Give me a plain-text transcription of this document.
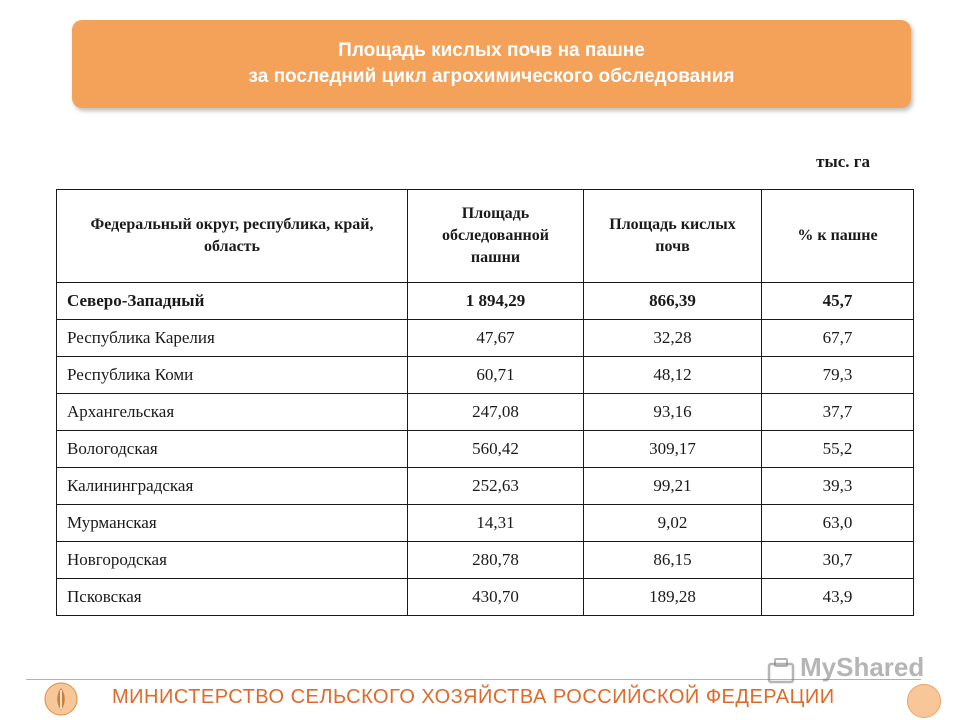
Площадь кислых почв на пашне
за последний цикл агрохимического обследования
тыс. га
Федеральный округ, республика, край, область	Площадь обследованной пашни	Площадь кислых почв	% к пашне
Северо-Западный	1 894,29	866,39	45,7
Республика Карелия	47,67	32,28	67,7
Республика Коми	60,71	48,12	79,3
Архангельская	247,08	93,16	37,7
Вологодская	560,42	309,17	55,2
Калининградская	252,63	99,21	39,3
Мурманская	14,31	9,02	63,0
Новгородская	280,78	86,15	30,7
Псковская	430,70	189,28	43,9
МИНИСТЕРСТВО СЕЛЬСКОГО ХОЗЯЙСТВА РОССИЙСКОЙ ФЕДЕРАЦИИ
MyShared
